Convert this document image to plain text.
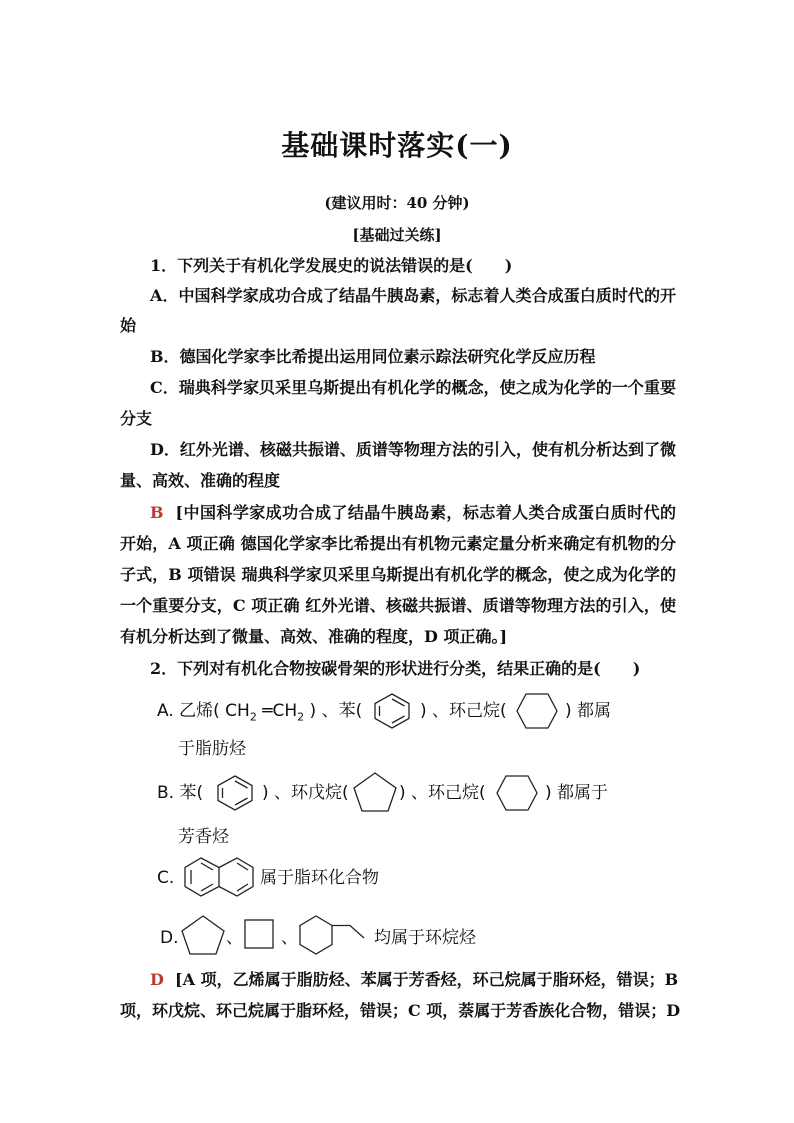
基础课时落实(一)
(建议用时：40 分钟)
[基础过关练]
1．下列关于有机化学发展史的说法错误的是(　　)
A．中国科学家成功合成了结晶牛胰岛素，标志着人类合成蛋白质时代的开
始
B．德国化学家李比希提出运用同位素示踪法研究化学反应历程
C．瑞典科学家贝采里乌斯提出有机化学的概念，使之成为化学的一个重要
分支
D．红外光谱、核磁共振谱、质谱等物理方法的引入，使有机分析达到了微
量、高效、准确的程度
B [中国科学家成功合成了结晶牛胰岛素，标志着人类合成蛋白质时代的
开始，A 项正确 德国化学家李比希提出有机物元素定量分析来确定有机物的分
子式，B 项错误 瑞典科学家贝采里乌斯提出有机化学的概念，使之成为化学的
一个重要分支，C 项正确 红外光谱、核磁共振谱、质谱等物理方法的引入，使
有机分析达到了微量、高效、准确的程度，D 项正确。]
2．下列对有机化合物按碳骨架的形状进行分类，结果正确的是(　　)
A. 乙烯( $CH_2$ $═CH_2$ ) 、苯(	) 、环己烷(	) 都属
于脂肪烃
B. 苯(	) 、环戊烷(	) 、环己烷(	) 都属于
芳香烃
C.	属于脂环化合物
D.	、 、	均属于环烷烃
D [A 项，乙烯属于脂肪烃、苯属于芳香烃，环己烷属于脂环烃，错误；B
项，环戊烷、环己烷属于脂环烃，错误；C 项，萘属于芳香族化合物，错误；D
